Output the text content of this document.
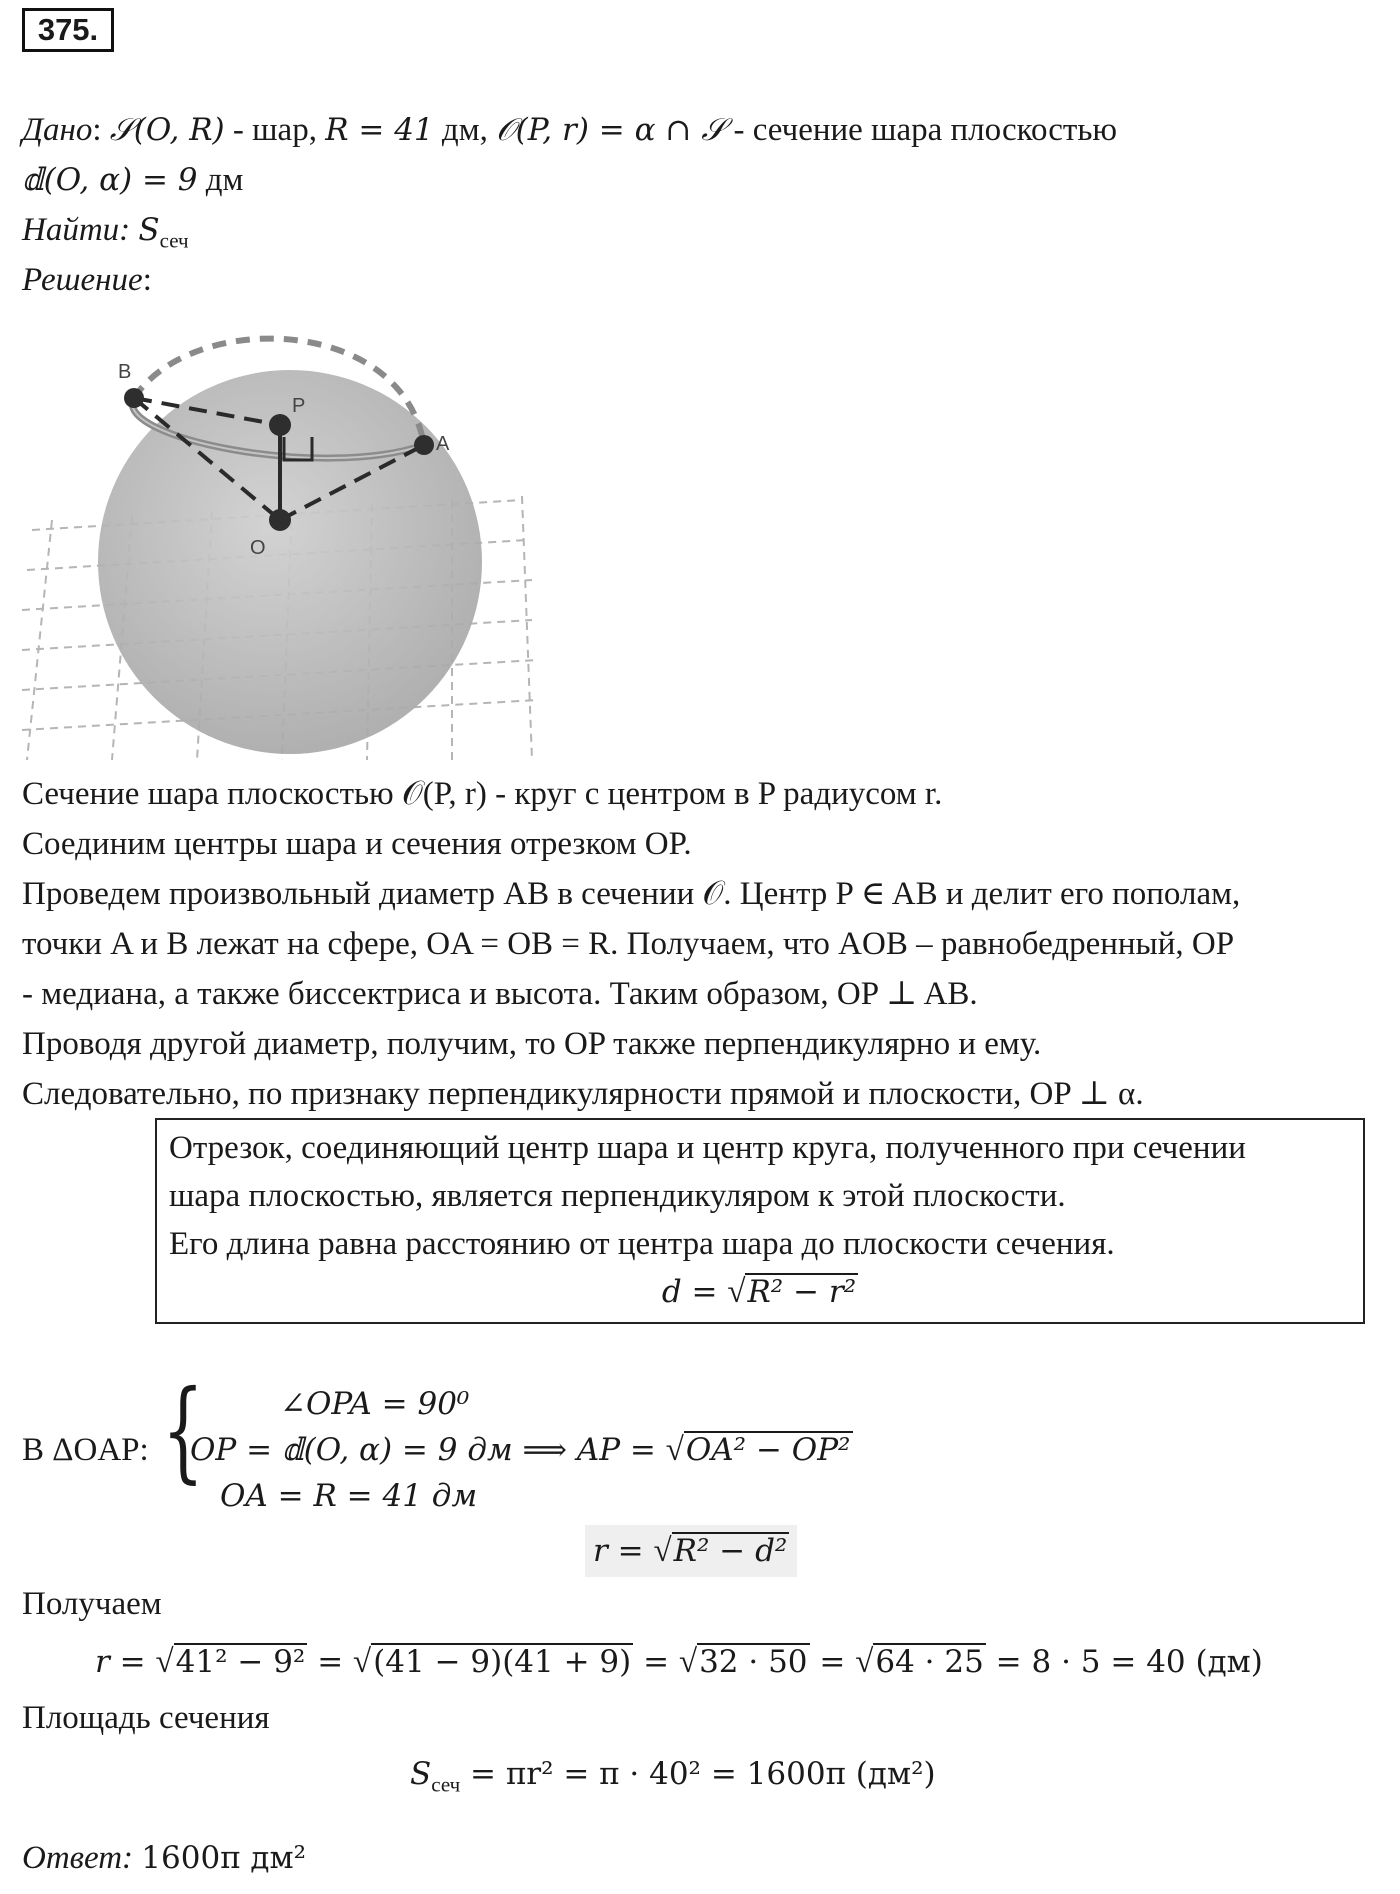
375.
Дано: 𝒮(O, R) - шар, R = 41 дм, 𝒪(P, r) = α ∩ 𝒮 - сечение шара плоскостью
𝕕(O, α) = 9 дм
Найти: $S_{сеч}$
Решение:
B
P
A
O
Сечение шара плоскостью 𝒪(P, r) - круг с центром в P радиусом r.
Соединим центры шара и сечения отрезком OP.
Проведем произвольный диаметр AB в сечении 𝒪. Центр P ∈ AB и делит его пополам,
точки A и B лежат на сфере, OA = OB = R. Получаем, что AOB – равнобедренный, OP
- медиана, а также биссектриса и высота. Таким образом, OP ⊥ AB.
Проводя другой диаметр, получим, то OP также перпендикулярно и ему.
Следовательно, по признаку перпендикулярности прямой и плоскости, OP ⊥ α.
Отрезок, соединяющий центр шара и центр круга, полученного при сечении
шара плоскостью, является перпендикуляром к этой плоскости.
Его длина равна расстоянию от центра шара до плоскости сечения.
d = √R² − r²
В ΔOAP: { ∠OPA = 90⁰
OP = 𝕕(O, α) = 9 дм ⟹ AP = √OA² − OP²
OA = R = 41 дм
r = √R² − d²
Получаем
r = √41² − 9² = √(41 − 9)(41 + 9) = √32 · 50 = √64 · 25 = 8 · 5 = 40 (дм)
Площадь сечения
$S_{сеч} = \pi r^2 = \pi \cdot 40^2 = 1600\pi$ (дм²)
Ответ: 1600π дм²
